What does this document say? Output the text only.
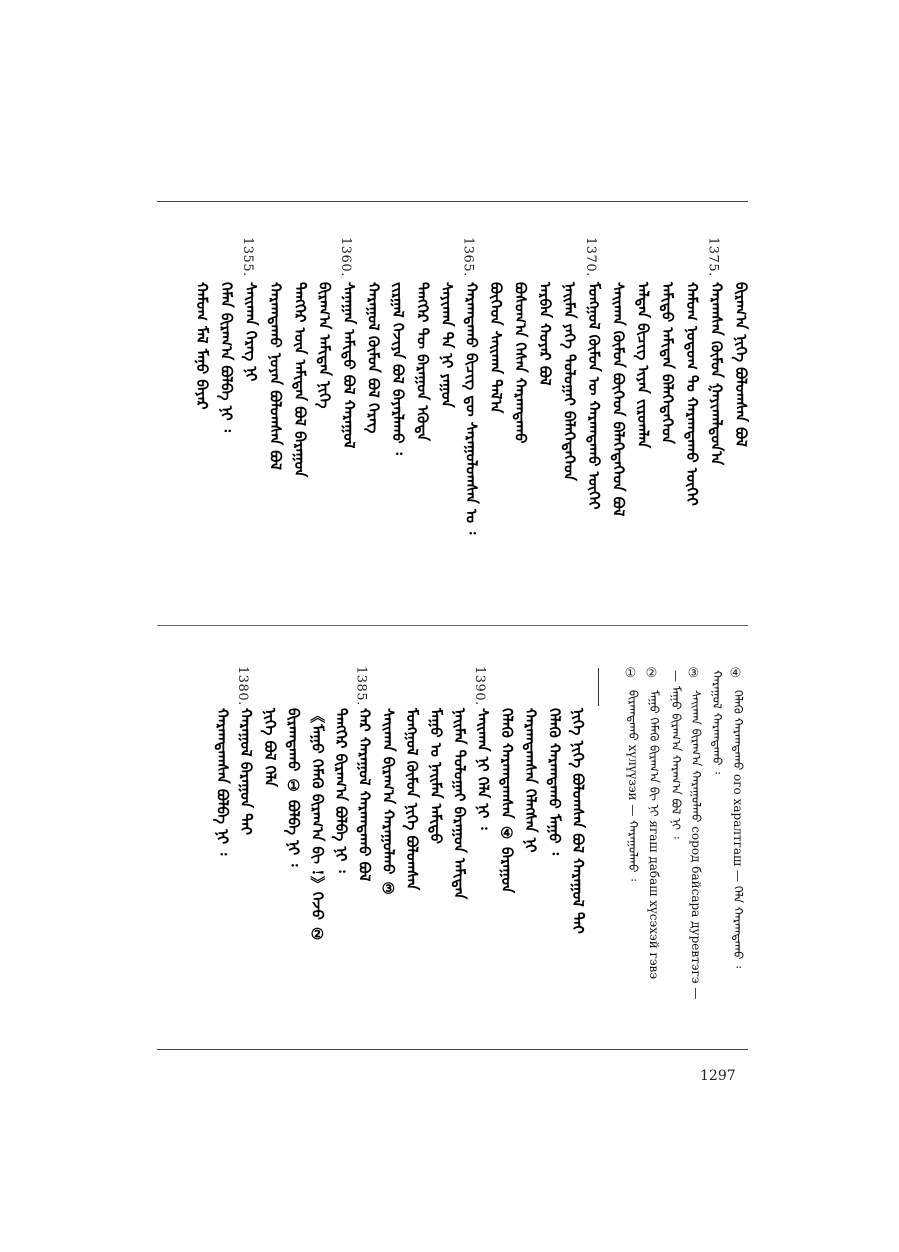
ᠪᠢᠷᠠᠭ᠎ᠠ ᠨᠢᠭᠡ ᠪᠣᠯᠣᠭᠰᠠᠨ ᠪᠣᠯ
ᠬᠠᠷᠠᠭᠰᠠᠨ ᠬᠦᠮᠦᠨ ᠭᠠᠶᠢᠬᠠᠯᠳᠤᠨ᠎ᠠ
ᠬᠠᠮᠤᠭ ᠨᠤᠲᠤᠭ ᠲᠤ ᠬᠠᠷᠠᠭᠳᠠᠬᠤ ᠦᠭᠡᠢ
ᠠᠮᠢᠳᠤ ᠠᠮᠢᠲᠠᠨ ᠪᠡᠯᠡᠭᠡᠳᠡᠭᠡᠳ
ᠠᠯᠲᠠᠨ ᠪᠢᠴᠢᠭ ᠢᠶᠡᠨ ᠵᠢᠷᠤᠭᠯᠠᠨ
ᠰᠠᠢᠬᠠᠨ ᠬᠥᠮᠥᠨ ᠪᠥᠭᠡᠳ ᠪᠡᠯᠡᠭᠡᠳᠡᠭᠡᠳ ᠪᠣᠯ
ᠮᠣᠩᠭᠣᠯ ᠬᠦᠮᠦᠨ ᠦ ᠬᠠᠷᠠᠭᠳᠠᠬᠤ ᠦᠭᠡᠢ
ᠨᠠᠢᠮᠠᠨ ᠶᠡᠬᠡ ᠲᠣᠯᠣᠭᠠᠢ ᠪᠡᠯᠡᠭᠡᠳᠡᠭᠡᠳ
ᠠᠷᠪᠠᠨ ᠬᠣᠶᠠᠷ ᠪᠣᠯ
ᠪᠣᠰᠤᠭ᠎ᠠ ᠭᠡᠰᠡᠨ ᠬᠠᠷᠠᠭᠳᠠᠬᠤ
ᠪᠥᠭᠡᠳ ᠰᠠᠢᠬᠠᠨ ᠲᠠᠯ᠎ᠠ
ᠬᠠᠷᠠᠭᠳᠠᠬᠤ ᠪᠢᠴᠢᠭ ᠳᠦ ᠰᠠᠷᠠᠭᠤᠯᠤᠭᠰᠠᠨ ᠤ ᠄
ᠰᠠᠶᠢᠬᠠᠨ ᠲᠠ ᠨᠢ ᠶᠠᠭᠤᠨ
ᠲᠡᠩᠭᠡᠷ ᠲᠦ ᠪᠠᠷᠠᠭᠤᠨ ᠡᠭᠦᠳᠡ
ᠵᠢᠷᠭᠠᠯ ᠬᠡᠵᠢᠶᠡ ᠪᠣᠯ ᠪᠠᠶᠠᠷᠯᠠᠬᠤ ᠄
ᠬᠠᠷᠠᠭᠤᠯ ᠬᠦᠮᠦᠨ ᠪᠣᠯ ᠬᠡᠷᠡᠭ
ᠰᠠᠨᠠᠭᠠᠨ ᠠᠮᠢᠳᠤ ᠪᠣᠯ ᠬᠠᠷᠠᠭᠤᠯ
ᠪᠢᠷᠠᠭ᠎ᠠ ᠠᠮᠢᠲᠠᠨ ᠨᠢᠭᠡ
ᠲᠡᠩᠭᠡᠷ ᠦᠨ ᠠᠮᠢᠲᠠᠨ ᠪᠣᠯ ᠪᠠᠷᠠᠭᠤᠨ
ᠬᠠᠷᠠᠭᠳᠠᠬᠤ ᠨᠣᠶᠠᠨ ᠪᠣᠯᠣᠭᠰᠠᠨ ᠪᠣᠯ
ᠰᠠᠢᠬᠠᠨ ᠬᠡᠷᠡᠭ ᠨᠢ
ᠬᠡᠮᠡᠨ ᠪᠢᠷᠠᠭ᠎ᠠ ᠪᠣᠯᠪᠠ ᠨᠢ ᠄
ᠬᠠᠮᠤᠭ ᠮᠠᠯ ᠮᠠᠨᠤ ᠪᠠᠶᠠᠷ
1375.
1370.
1365.
1360.
1355.
④
ᠬᠡᠯᠡᠬᠦ ᠬᠠᠷᠠᠭᠳᠠᠬᠤ ого харалтгаш — ᠬᠡᠯᠡ ᠬᠠᠷᠠᠭᠳᠠᠬᠤ ᠄
ᠬᠠᠷᠠᠭᠤᠯ ᠬᠠᠷᠠᠭᠳᠠᠬᠤ ᠄
③
ᠰᠠᠢᠬᠠᠨ ᠪᠢᠷᠠᠭ᠎ᠠ ᠬᠠᠷᠠᠭᠤᠯᠬᠤ сород байсара дуревтэгэ —
— ᠮᠠᠭᠤ ᠪᠢᠷᠠᠭ᠎ᠠ ᠬᠠᠷᠠᠭ᠎ᠠ ᠪᠣᠯ ᠨᠢ ᠄
②
ᠮᠠᠭᠤ ᠬᠡᠮᠡᠬᠦ ᠪᠢᠷᠠᠭ᠎ᠠ ᠪᠢ ᠨᠢ ягаш дабаш хүсэхэй гэвэ
①
ᠪᠢᠷᠠᠭᠳᠠᠬᠤ хүлүүзэи — ᠬᠠᠷᠠᠭᠤᠯᠬᠤ ᠄
ᠨᠢᠭᠡ ᠨᠢᠭᠡ ᠪᠣᠯᠣᠭᠰᠠᠨ ᠪᠣᠯ ᠬᠠᠷᠠᠭᠤᠯ ᠲᠠᠢ
ᠬᠡᠯᠡᠬᠦ ᠬᠠᠷᠠᠭᠳᠠᠬᠤ ᠮᠠᠭᠤ ᠄
ᠬᠠᠷᠠᠭᠳᠠᠭᠰᠠᠨ ᠬᠡᠯᠡᠭᠰᠡᠨ ᠨᠢ
ᠬᠡᠯᠡᠬᠦ ᠬᠠᠷᠠᠭᠳᠠᠭᠰᠠᠨ ④ ᠪᠠᠷᠠᠭᠤᠨ
ᠰᠠᠢᠬᠠᠨ ᠨᠢ ᠬᠡᠯᠡ ᠨᠢ ᠄
ᠨᠠᠢᠮᠠᠨ ᠲᠣᠯᠣᠭᠠᠢ ᠪᠠᠷᠠᠭᠤᠨ ᠠᠮᠢᠲᠠᠨ
ᠮᠠᠭᠤ ᠤ ᠨᠠᠢᠮᠠᠨ ᠠᠮᠢᠳᠤ
ᠮᠣᠩᠭᠣᠯ ᠬᠦᠮᠦᠨ ᠨᠢᠭᠡ ᠪᠣᠯᠣᠭᠰᠠᠨ
ᠰᠠᠢᠬᠠᠨ ᠪᠢᠷᠠᠭ᠎ᠠ ᠬᠠᠷᠠᠭᠤᠯᠬᠤ ③
ᠬᠠᠷ ᠬᠠᠷᠠᠭᠤᠯ ᠬᠠᠷᠠᠭᠳᠠᠬᠤ ᠪᠣᠯ
ᠲᠡᠩᠭᠡᠷ ᠪᠢᠷᠠᠭ᠎ᠠ ᠪᠣᠯᠪᠠ ᠨᠢ ᠄
《ᠮᠠᠭᠤ ᠬᠡᠮᠡᠬᠦ ᠪᠢᠷᠠᠭ᠎ᠠ ᠪᠢ !》ᠭᠡᠵᠦ ②
ᠪᠢᠷᠠᠭᠳᠠᠬᠤ ① ᠪᠣᠯᠪᠠ ᠨᠢ ᠄
ᠨᠢᠭᠡ ᠪᠣᠯ ᠬᠡᠯᠡ
ᠬᠠᠷᠠᠭᠤᠯ ᠪᠠᠷᠠᠭᠤᠨ ᠲᠠᠢ
ᠬᠠᠷᠠᠭᠳᠠᠭᠰᠠᠨ ᠪᠣᠯᠪᠠ ᠨᠢ ᠄
1390.
1385.
1380.
1297
